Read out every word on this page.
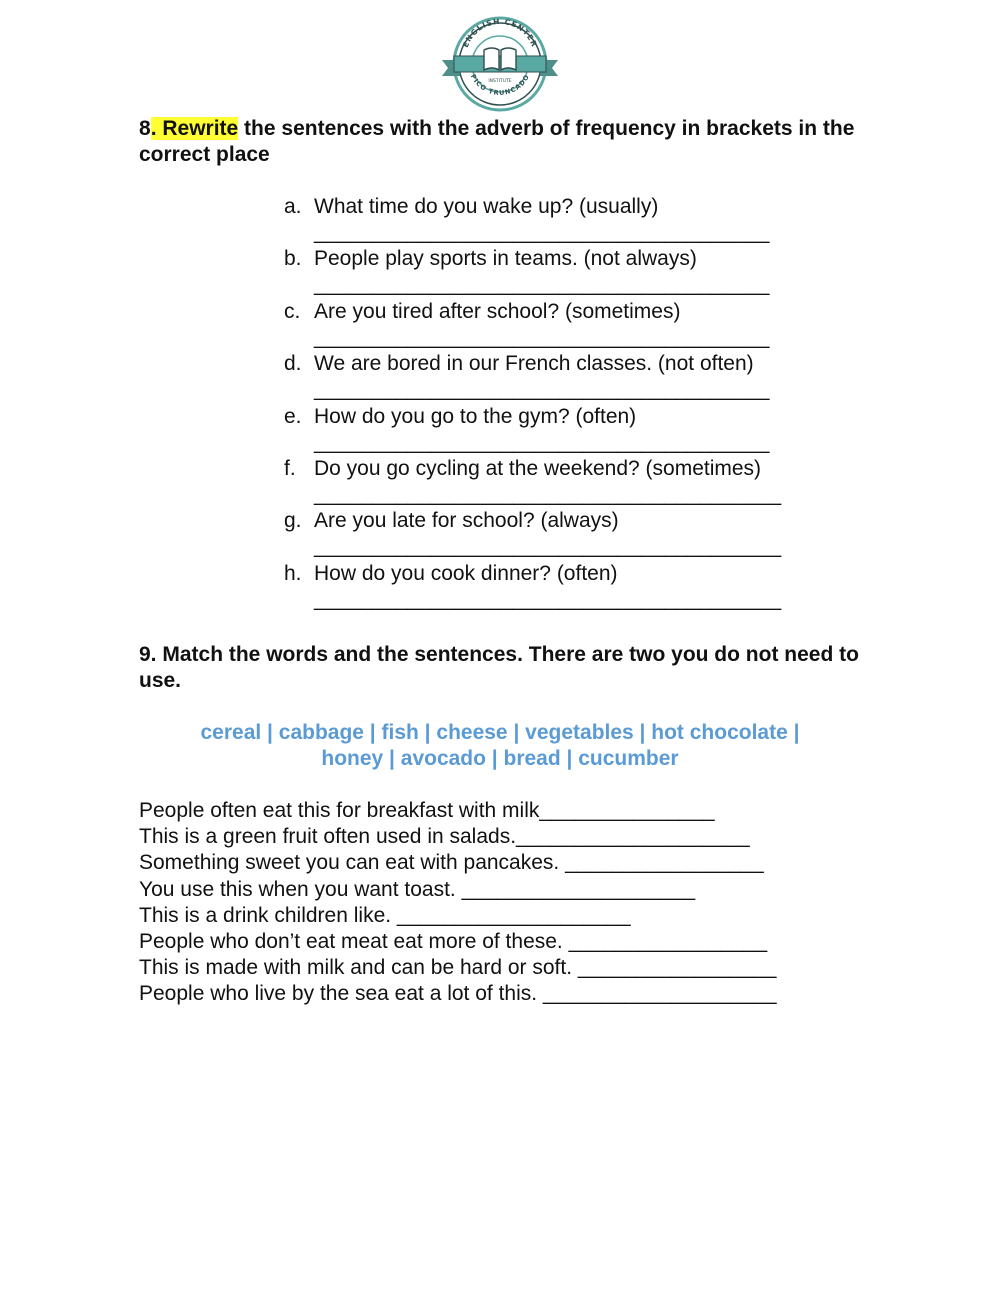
ENGLISH CENTER
PICO TRUNCADO
INSTITUTE

8. Rewrite the sentences with the adverb of frequency in brackets in the correct place

a. What time do you wake up? (usually)
_______________________________________
b. People play sports in teams. (not always)
_______________________________________
c. Are you tired after school? (sometimes)
_______________________________________
d. We are bored in our French classes. (not often)
_______________________________________
e. How do you go to the gym? (often)
_______________________________________
f. Do you go cycling at the weekend? (sometimes)
________________________________________
g. Are you late for school? (always)
________________________________________
h. How do you cook dinner? (often)
________________________________________

9. Match the words and the sentences. There are two you do not need to use.

cereal | cabbage | fish | cheese | vegetables | hot chocolate |
honey | avocado | bread | cucumber
People often eat this for breakfast with milk_______________
This is a green fruit often used in salads.____________________
Something sweet you can eat with pancakes. _________________
You use this when you want toast. ____________________
This is a drink children like. ____________________
People who don’t eat meat eat more of these. _________________
This is made with milk and can be hard or soft. _________________
People who live by the sea eat a lot of this. ____________________
